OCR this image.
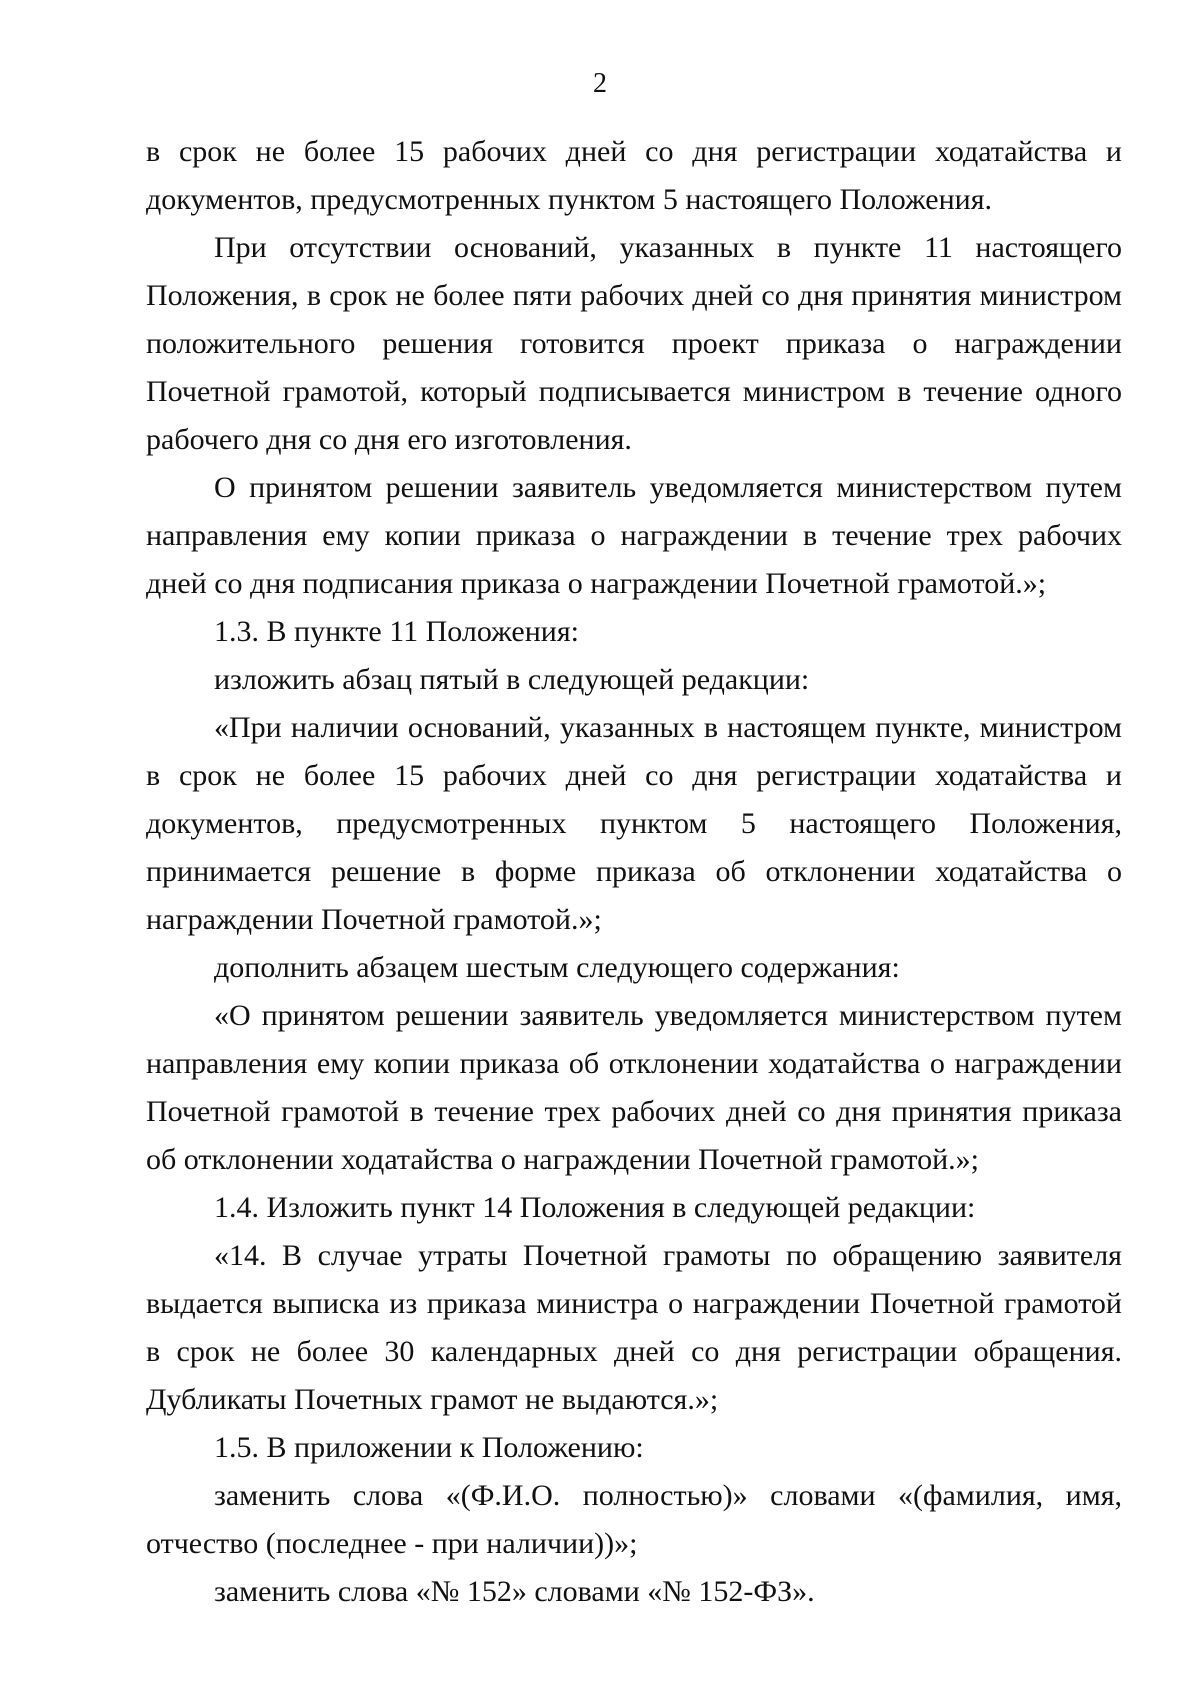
2

в срок не более 15 рабочих дней со дня регистрации ходатайства и документов, предусмотренных пунктом 5 настоящего Положения.

При отсутствии оснований, указанных в пункте 11 настоящего Положения, в срок не более пяти рабочих дней со дня принятия министром положительного решения готовится проект приказа о награждении Почетной грамотой, который подписывается министром в течение одного рабочего дня со дня его изготовления.

О принятом решении заявитель уведомляется министерством путем направления ему копии приказа о награждении в течение трех рабочих дней со дня подписания приказа о награждении Почетной грамотой.»;

1.3. В пункте 11 Положения:

изложить абзац пятый в следующей редакции:

«При наличии оснований, указанных в настоящем пункте, министром в срок не более 15 рабочих дней со дня регистрации ходатайства и документов, предусмотренных пунктом 5 настоящего Положения, принимается решение в форме приказа об отклонении ходатайства о награждении Почетной грамотой.»;

дополнить абзацем шестым следующего содержания:

«О принятом решении заявитель уведомляется министерством путем направления ему копии приказа об отклонении ходатайства о награждении Почетной грамотой в течение трех рабочих дней со дня принятия приказа об отклонении ходатайства о награждении Почетной грамотой.»;

1.4. Изложить пункт 14 Положения в следующей редакции:

«14. В случае утраты Почетной грамоты по обращению заявителя выдается выписка из приказа министра о награждении Почетной грамотой в срок не более 30 календарных дней со дня регистрации обращения. Дубликаты Почетных грамот не выдаются.»;

1.5. В приложении к Положению:

заменить слова «(Ф.И.О. полностью)» словами «(фамилия, имя, отчество (последнее - при наличии))»;

заменить слова «№ 152» словами «№ 152-ФЗ».
